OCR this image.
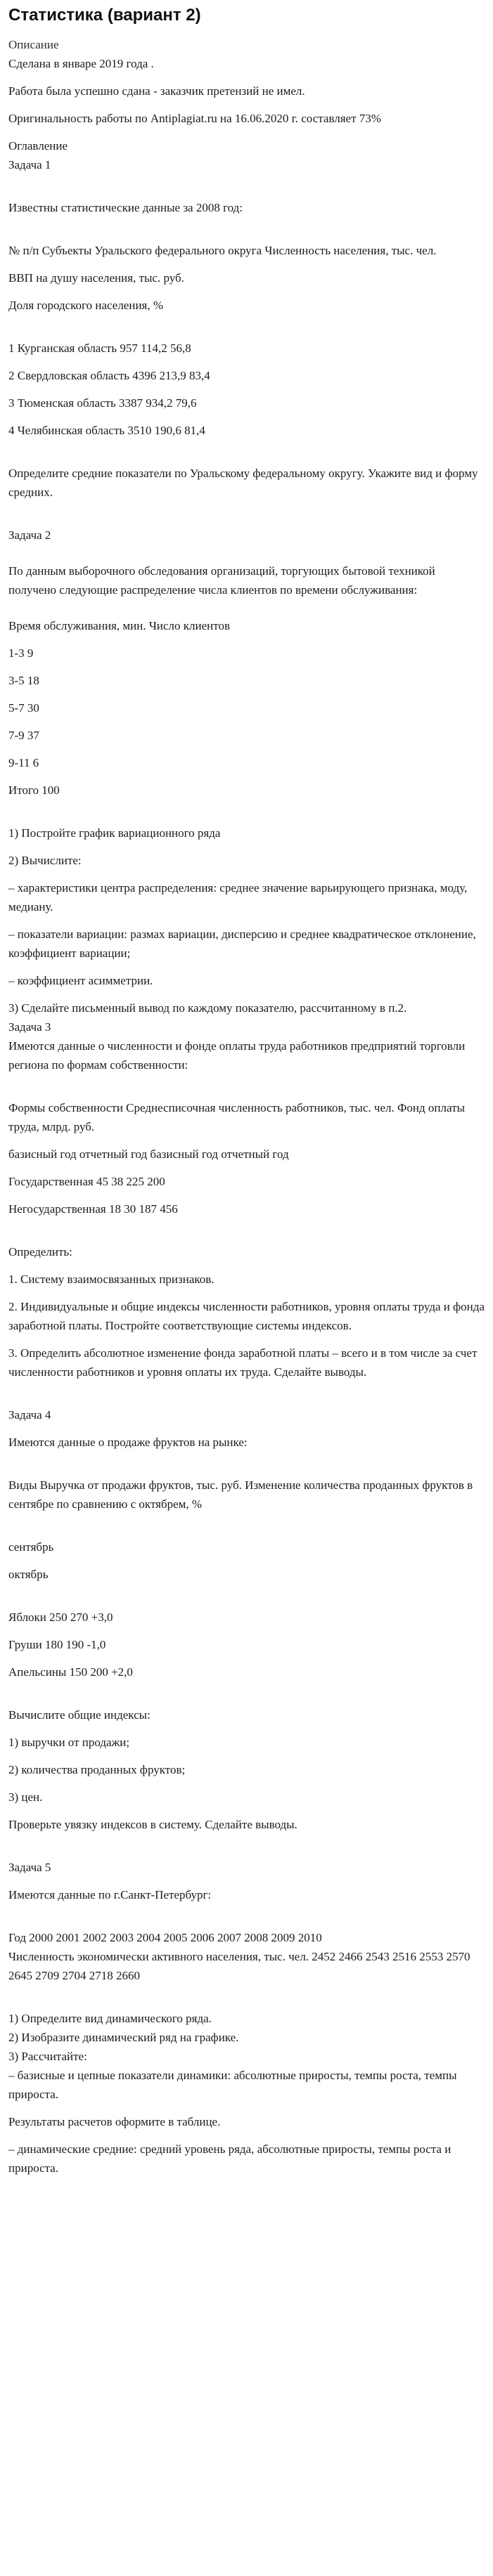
Статистика (вариант 2)

Описание

Сделана в январе 2019 года .

Работа была успешно сдана - заказчик претензий не имел.

Оригинальность работы по Antiplagiat.ru на 16.06.2020 г. составляет 73%

Оглавление

Задача 1

Известны статистические данные за 2008 год:

№ п/п Субъекты Уральского федерального округа Численность населения, тыс. чел.

ВВП на душу населения, тыс. руб.

Доля городского населения, %

1 Курганская область 957 114,2 56,8

2 Свердловская область 4396 213,9 83,4

3 Тюменская область 3387 934,2 79,6

4 Челябинская область 3510 190,6 81,4

Определите средние показатели по Уральскому федеральному округу. Укажите вид и форму средних.

Задача 2

По данным выборочного обследования организаций, торгующих бытовой техникой получено следующие распределение числа клиентов по времени обслуживания:

Время обслуживания, мин. Число клиентов

1-3 9

3-5 18

5-7 30

7-9 37

9-11 6

Итого 100

1) Постройте график вариационного ряда

2) Вычислите:

– характеристики центра распределения: среднее значение варьирующего признака, моду, медиану.

– показатели вариации: размах вариации, дисперсию и среднее квадратическое отклонение, коэффициент вариации;

– коэффициент асимметрии.

3) Сделайте письменный вывод по каждому показателю, рассчитанному в п.2.

Задача 3

Имеются данные о численности и фонде оплаты труда работников предприятий торговли региона по формам собственности:

Формы собственности Среднесписочная численность работников, тыс. чел. Фонд оплаты труда, млрд. руб.

базисный год отчетный год базисный год отчетный год

Государственная 45 38 225 200

Негосударственная 18 30 187 456

Определить:

1. Систему взаимосвязанных признаков.

2. Индивидуальные и общие индексы численности работников, уровня оплаты труда и фонда заработной платы. Постройте соответствующие системы индексов.

3. Определить абсолютное изменение фонда заработной платы – всего и в том числе за счет численности работников и уровня оплаты их труда. Сделайте выводы.

Задача 4

Имеются данные о продаже фруктов на рынке:

Виды Выручка от продажи фруктов, тыс. руб. Изменение количества проданных фруктов в сентябре по сравнению с октябрем, %

сентябрь

октябрь

Яблоки 250 270 +3,0

Груши 180 190 -1,0

Апельсины 150 200 +2,0

Вычислите общие индексы:

1) выручки от продажи;

2) количества проданных фруктов;

3) цен.

Проверьте увязку индексов в систему. Сделайте выводы.

Задача 5

Имеются данные по г.Санкт-Петербург:

Год 2000 2001 2002 2003 2004 2005 2006 2007 2008 2009 2010

Численность экономически активного населения, тыс. чел. 2452 2466 2543 2516 2553 2570 2645 2709 2704 2718 2660

1) Определите вид динамического ряда.

2) Изобразите динамический ряд на графике.

3) Рассчитайте:

– базисные и цепные показатели динамики: абсолютные приросты, темпы роста, темпы прироста.

Результаты расчетов оформите в таблице.

– динамические средние: средний уровень ряда, абсолютные приросты, темпы роста и прироста.
